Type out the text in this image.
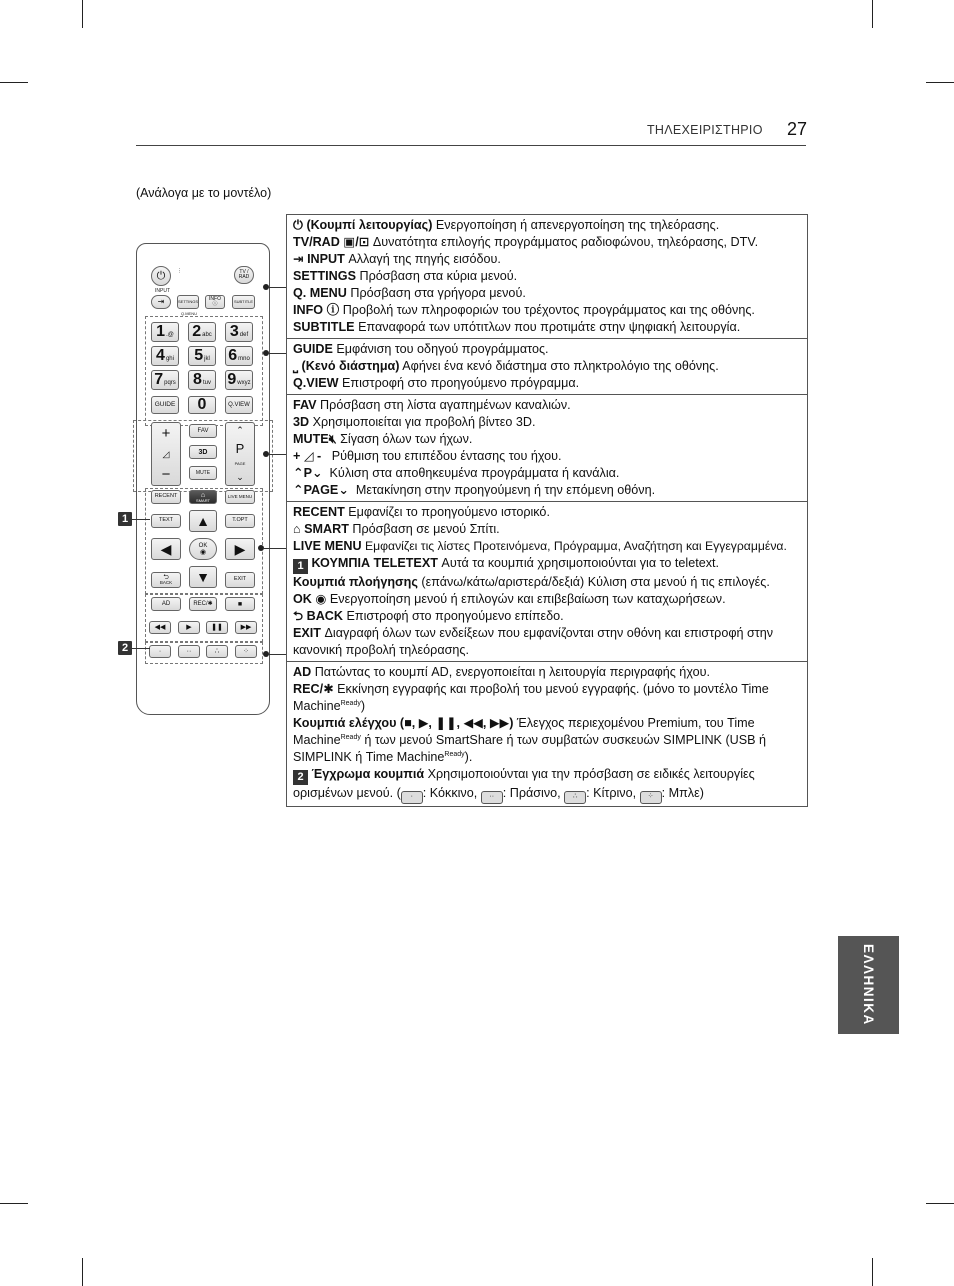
ΤΗΛΕΧΕΙΡΙΣΤΗΡΙΟ 27
(Ανάλογα με το μοντέλο)
ΕΛΛΗΝΙΚΑ
⏻	⋮	TV / RAD
INPUT
⇥	SETTINGS	INFO ⓘ	SUBTITLE
Q.MENU
1 .@ 2 abc 3 def
4 ghi 5 jkl 6 mno
7 pqrs 8 tuv 9 wxyz
GUIDE	0	Q.VIEW
+
◿
−
FAV
3D
MUTE
⌃
P
PAGE
⌄
RECENT	⌂
SMART
LIVE MENU
TEXT	T.OPT
▲
◀	OK
◉	▶
⮌
BACK	▼	EXIT
AD	REC/✱	■
◀◀	▶	❚❚	▶▶
·	··	∴	⁘
1
2

⏻ (Κουμπί λειτουργίας) Ενεργοποίηση ή απενεργοποίηση της τηλεόρασης.

TV/RAD ▣/⊡ Δυνατότητα επιλογής προγράμματος ραδιοφώνου, τηλεόρασης, DTV.

⇥ INPUT Αλλαγή της πηγής εισόδου.

SETTINGS Πρόσβαση στα κύρια μενού.

Q. MENU Πρόσβαση στα γρήγορα μενού.

INFO ⓘ Προβολή των πληροφοριών του τρέχοντος προγράμματος και της οθόνης.

SUBTITLE Επαναφορά των υπότιτλων που προτιμάτε στην ψηφιακή λειτουργία.

GUIDE Εμφάνιση του οδηγού προγράμματος.

⎵ (Κενό διάστημα) Αφήνει ένα κενό διάστημα στο πληκτρολόγιο της οθόνης.

Q.VIEW Επιστροφή στο προηγούμενο πρόγραμμα.

FAV Πρόσβαση στη λίστα αγαπημένων καναλιών.

3D Χρησιμοποιείται για προβολή βίντεο 3D.

MUTE🔇︎ Σίγαση όλων των ήχων.

+ ◿ - Ρύθμιση του επιπέδου έντασης του ήχου.

⌃P⌄ Κύλιση στα αποθηκευμένα προγράμματα ή κανάλια.

⌃PAGE⌄ Μετακίνηση στην προηγούμενη ή την επόμενη οθόνη.

RECENT Εμφανίζει το προηγούμενο ιστορικό.

⌂ SMART Πρόσβαση σε μενού Σπίτι.

LIVE MENU Εμφανίζει τις λίστες Προτεινόμενα, Πρόγραμμα, Αναζήτηση και Εγγεγραμμένα.

1 ΚΟΥΜΠΙΑ TELETEXT Αυτά τα κουμπιά χρησιμοποιούνται για το teletext.

Κουμπιά πλοήγησης (επάνω/κάτω/αριστερά/δεξιά) Κύλιση στα μενού ή τις επιλογές.

OK ◉ Ενεργοποίηση μενού ή επιλογών και επιβεβαίωση των καταχωρήσεων.

⮌ BACK Επιστροφή στο προηγούμενο επίπεδο.

EXIT Διαγραφή όλων των ενδείξεων που εμφανίζονται στην οθόνη και επιστροφή στην κανονική προβολή τηλεόρασης.

AD Πατώντας το κουμπί AD, ενεργοποιείται η λειτουργία περιγραφής ήχου.

REC/✱ Εκκίνηση εγγραφής και προβολή του μενού εγγραφής. (μόνο το μοντέλο Time Machine$^{Ready}$)

Κουμπιά ελέγχου (■, ▶, ❚❚, ◀◀, ▶▶) Έλεγχος περιεχομένου Premium, του Time Machine$^{Ready}$ ή των μενού SmartShare ή των συμβατών συσκευών SIMPLINK (USB ή SIMPLINK ή Time Machine$^{Ready}$).

2 Έγχρωμα κουμπιά Χρησιμοποιούνται για την πρόσβαση σε ειδικές λειτουργίες ορισμένων μενού. ( · : Κόκκινο, ·· : Πράσινο, ∴ : Κίτρινο, ⁘ : Μπλε)
